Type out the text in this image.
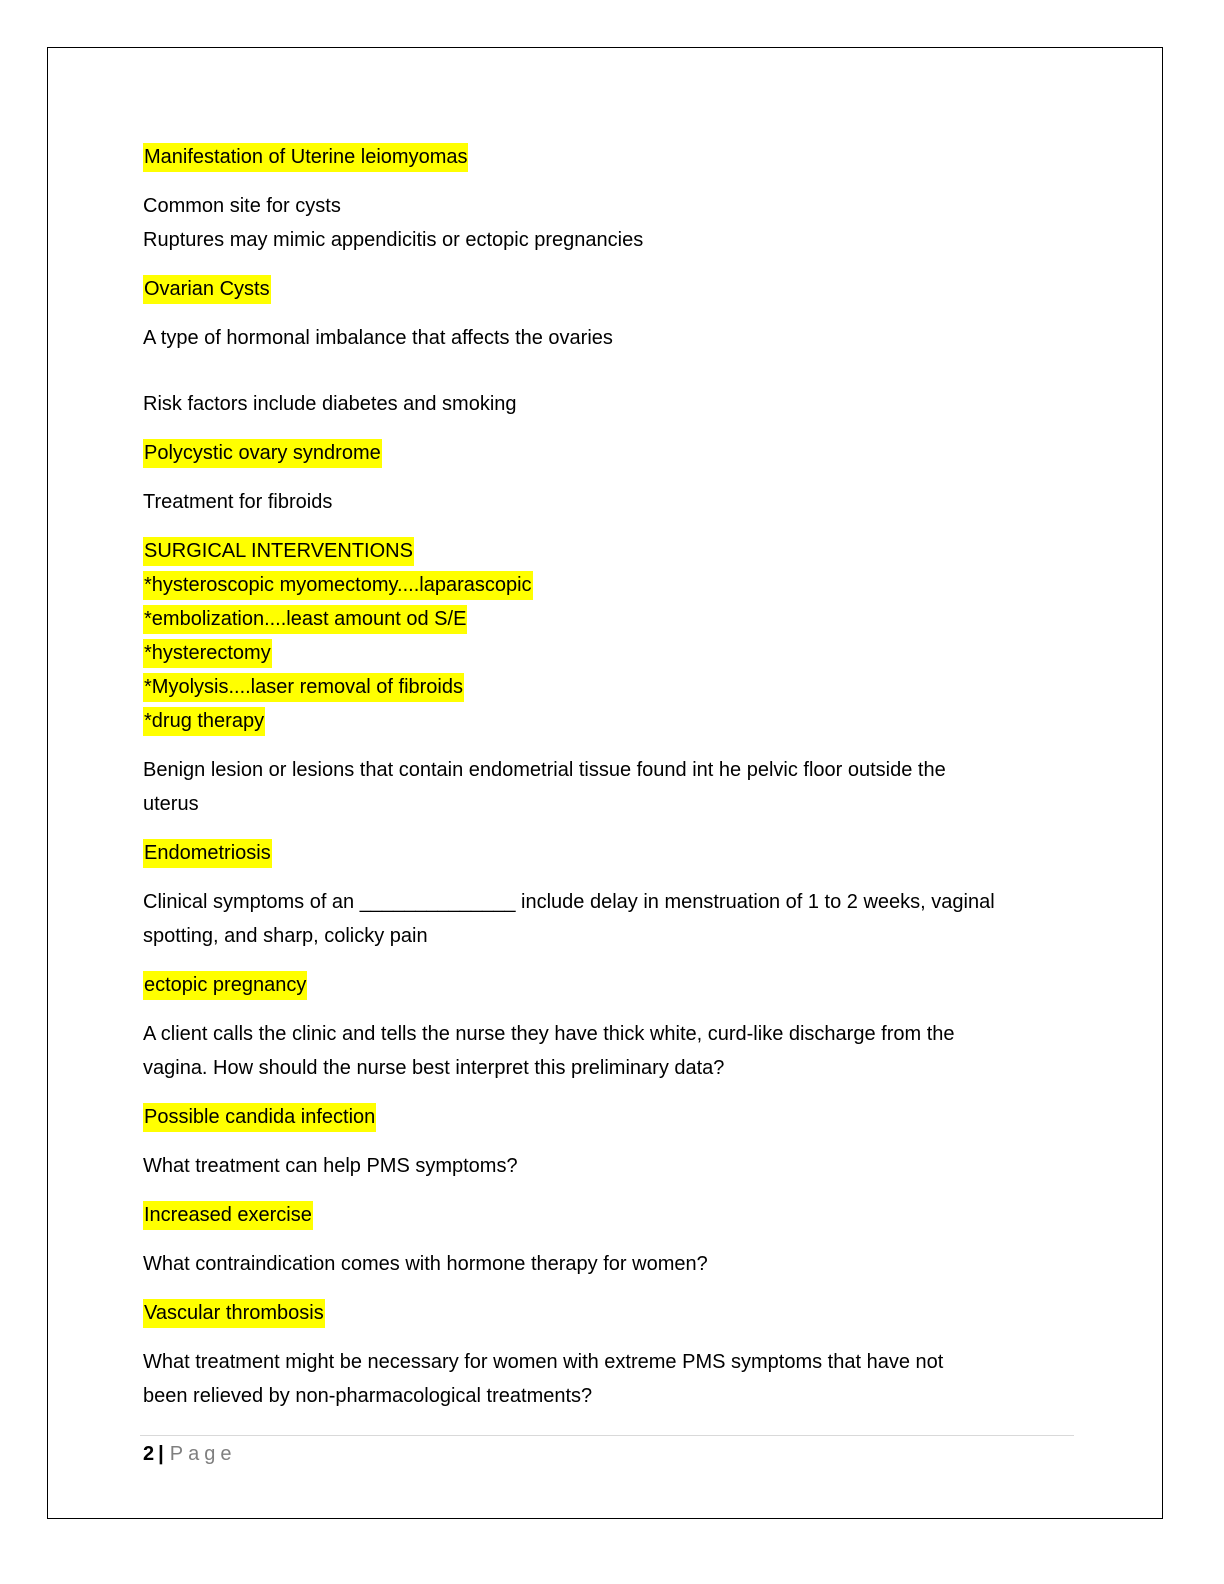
Manifestation of Uterine leiomyomas

Common site for cysts
Ruptures may mimic appendicitis or ectopic pregnancies

Ovarian Cysts

A type of hormonal imbalance that affects the ovaries

Risk factors include diabetes and smoking

Polycystic ovary syndrome

Treatment for fibroids

SURGICAL INTERVENTIONS
*hysteroscopic myomectomy....laparascopic
*embolization....least amount od S/E
*hysterectomy
*Myolysis....laser removal of fibroids
*drug therapy

Benign lesion or lesions that contain endometrial tissue found int he pelvic floor outside the
uterus

Endometriosis

Clinical symptoms of an ______________ include delay in menstruation of 1 to 2 weeks, vaginal
spotting, and sharp, colicky pain

ectopic pregnancy

A client calls the clinic and tells the nurse they have thick white, curd-like discharge from the
vagina. How should the nurse best interpret this preliminary data?

Possible candida infection

What treatment can help PMS symptoms?

Increased exercise

What contraindication comes with hormone therapy for women?

Vascular thrombosis

What treatment might be necessary for women with extreme PMS symptoms that have not
been relieved by non-pharmacological treatments?

2 | Page
